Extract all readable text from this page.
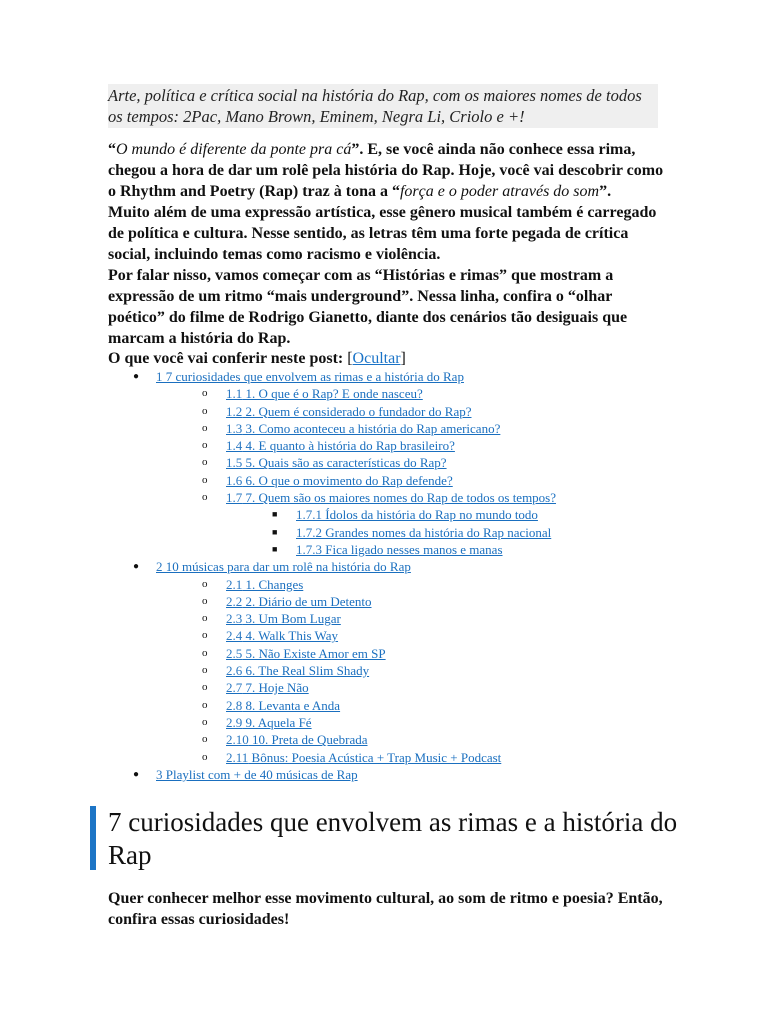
Arte, política e crítica social na história do Rap, com os maiores nomes de todos os tempos: 2Pac, Mano Brown, Eminem, Negra Li, Criolo e +!

“O mundo é diferente da ponte pra cá”. E, se você ainda não conhece essa rima, chegou a hora de dar um rolê pela história do Rap. Hoje, você vai descobrir como o Rhythm and Poetry (Rap) traz à tona a “força e o poder através do som”.

Muito além de uma expressão artística, esse gênero musical também é carregado de política e cultura. Nesse sentido, as letras têm uma forte pegada de crítica social, incluindo temas como racismo e violência.

Por falar nisso, vamos começar com as “Histórias e rimas” que mostram a expressão de um ritmo “mais underground”. Nessa linha, confira o “olhar poético” do filme de Rodrigo Gianetto, diante dos cenários tão desiguais que marcam a história do Rap.

O que você vai conferir neste post: [Ocultar]

● 1 7 curiosidades que envolvem as rimas e a história do Rap
o 1.1 1. O que é o Rap? E onde nasceu?
o 1.2 2. Quem é considerado o fundador do Rap?
o 1.3 3. Como aconteceu a história do Rap americano?
o 1.4 4. E quanto à história do Rap brasileiro?
o 1.5 5. Quais são as características do Rap?
o 1.6 6. O que o movimento do Rap defende?
o 1.7 7. Quem são os maiores nomes do Rap de todos os tempos?
■ 1.7.1 Ídolos da história do Rap no mundo todo
■ 1.7.2 Grandes nomes da história do Rap nacional
■ 1.7.3 Fica ligado nesses manos e manas
● 2 10 músicas para dar um rolê na história do Rap
o 2.1 1. Changes
o 2.2 2. Diário de um Detento
o 2.3 3. Um Bom Lugar
o 2.4 4. Walk This Way
o 2.5 5. Não Existe Amor em SP
o 2.6 6. The Real Slim Shady
o 2.7 7. Hoje Não
o 2.8 8. Levanta e Anda
o 2.9 9. Aquela Fé
o 2.10 10. Preta de Quebrada
o 2.11 Bônus: Poesia Acústica + Trap Music + Podcast
● 3 Playlist com + de 40 músicas de Rap
7 curiosidades que envolvem as rimas e a história do Rap

Quer conhecer melhor esse movimento cultural, ao som de ritmo e poesia? Então, confira essas curiosidades!
